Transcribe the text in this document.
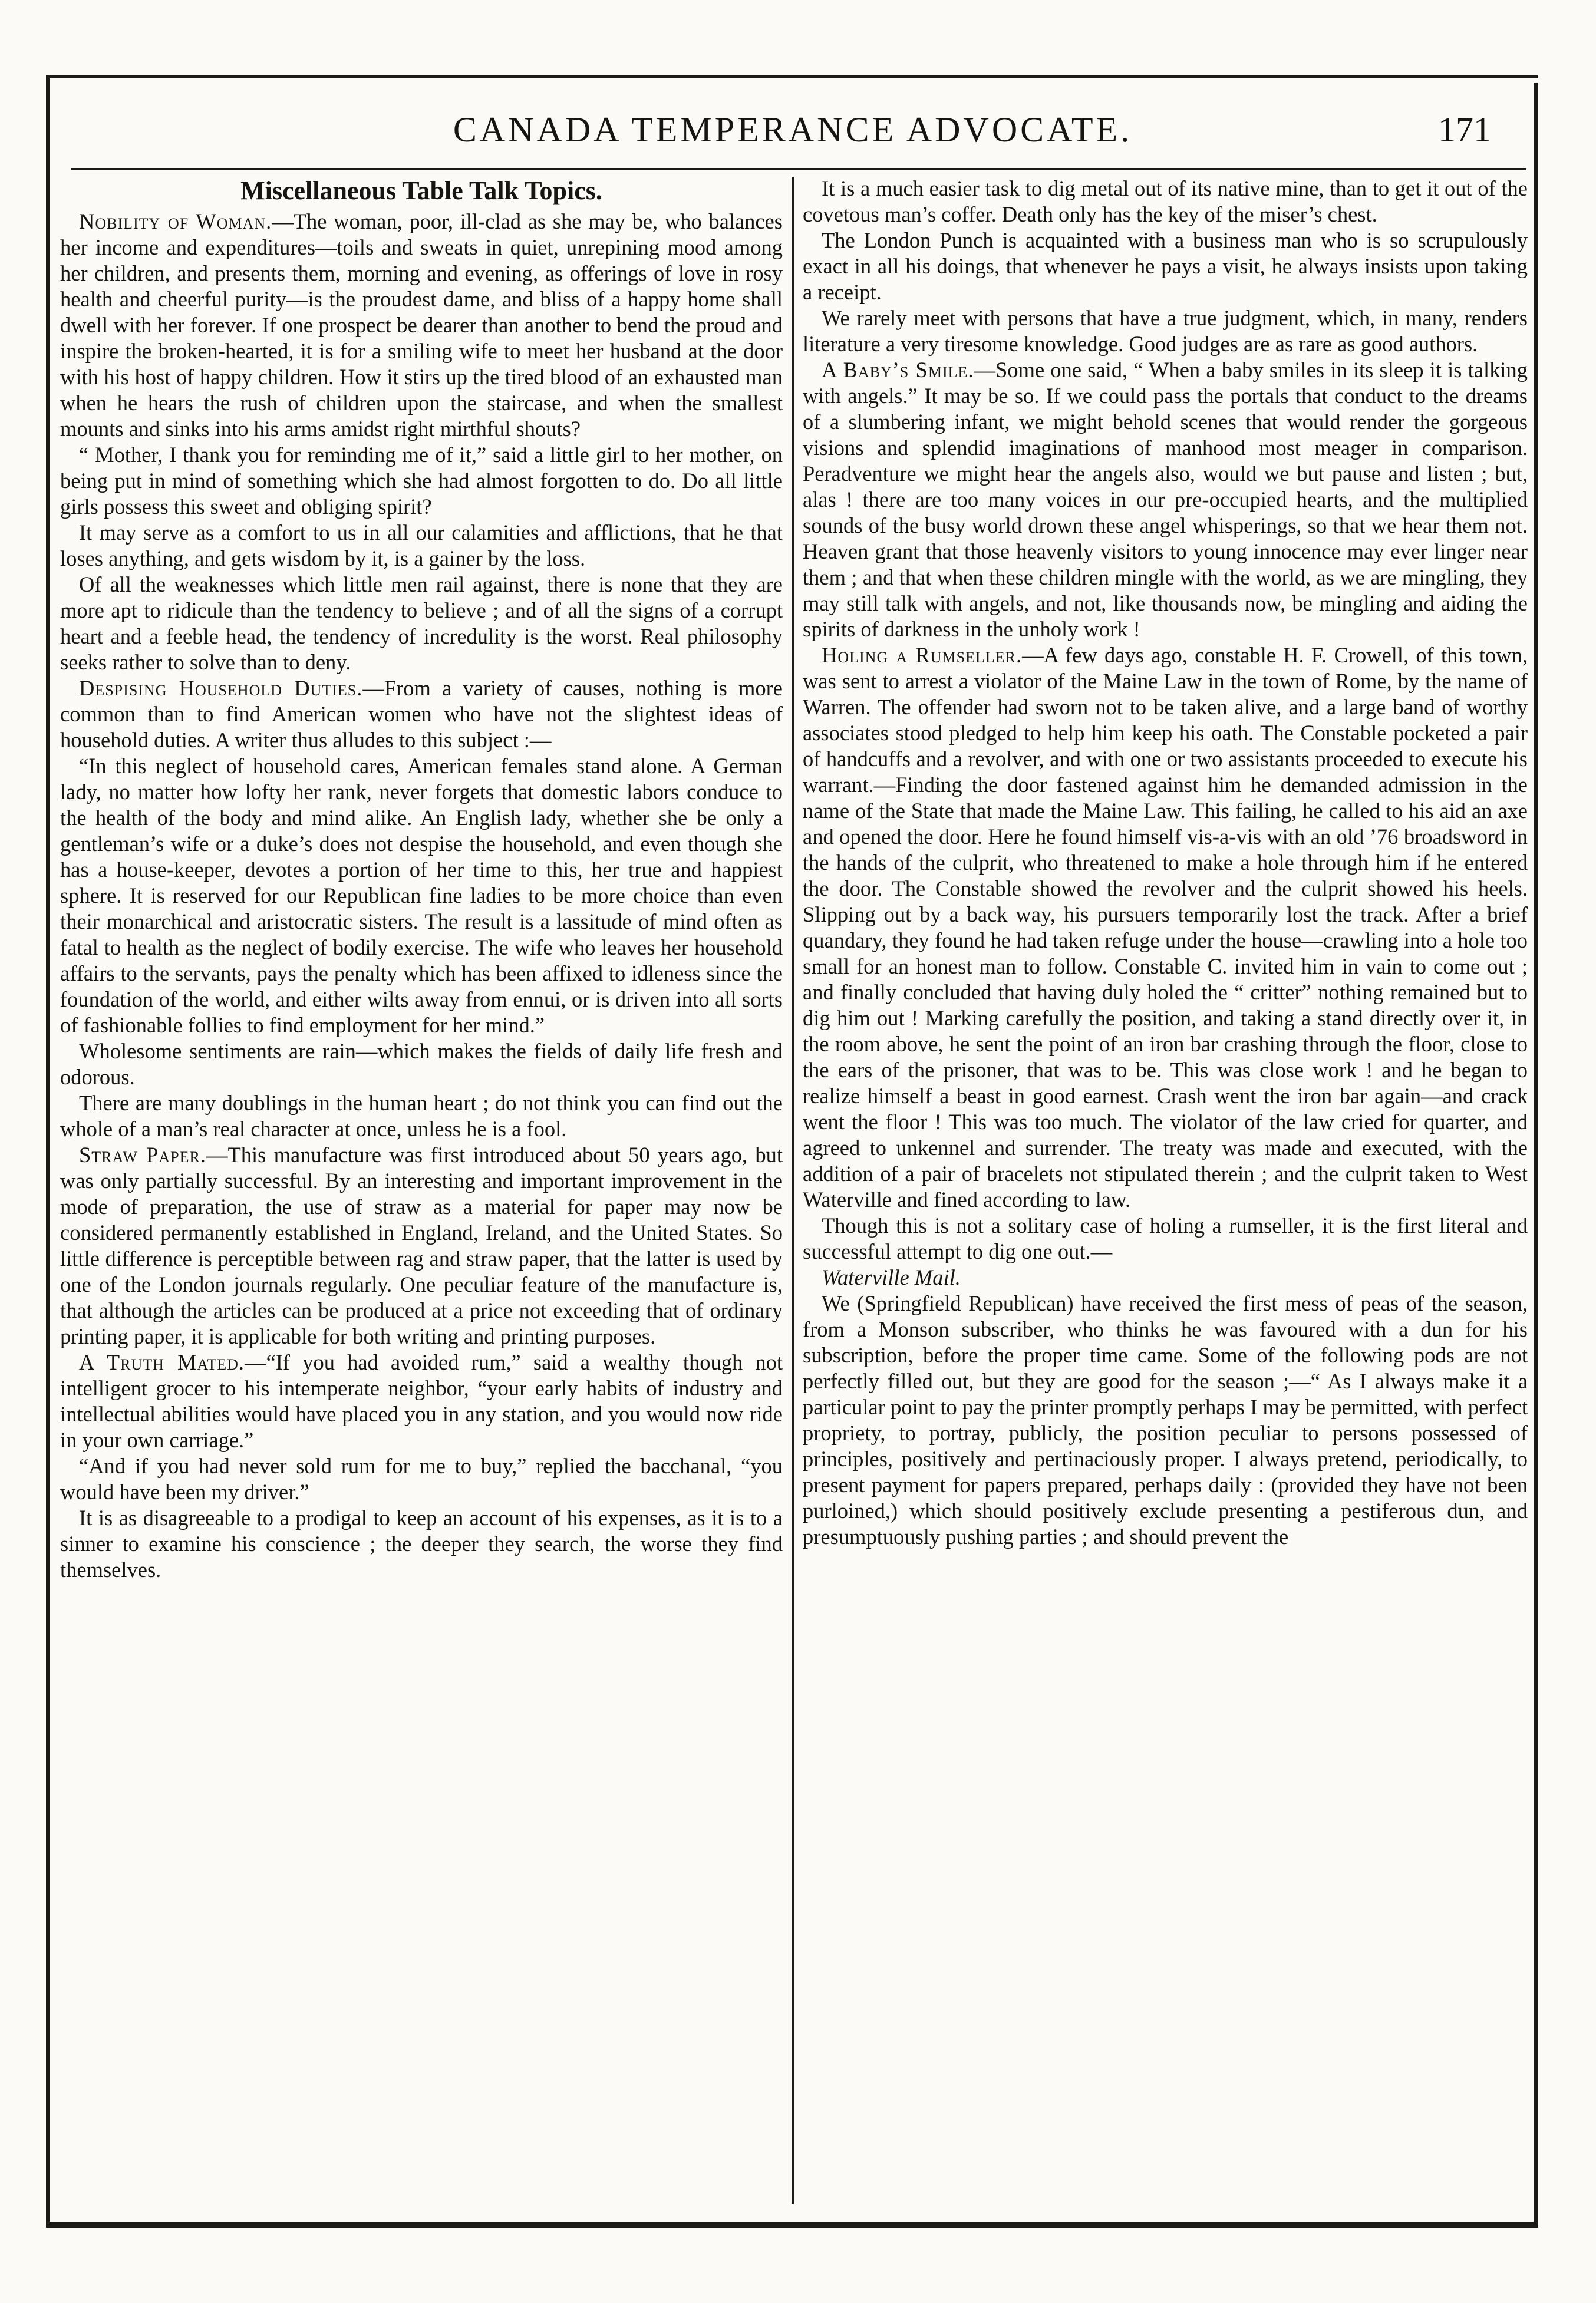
CANADA TEMPERANCE ADVOCATE.	171
Miscellaneous Table Talk Topics.

Nobility of Woman.—The woman, poor, ill-clad as she may be, who balances her income and expenditures—toils and sweats in quiet, unrepining mood among her children, and presents them, morning and evening, as offerings of love in rosy health and cheerful purity—is the proudest dame, and bliss of a happy home shall dwell with her forever. If one prospect be dearer than another to bend the proud and inspire the broken-hearted, it is for a smiling wife to meet her husband at the door with his host of happy children. How it stirs up the tired blood of an exhausted man when he hears the rush of children upon the staircase, and when the smallest mounts and sinks into his arms amidst right mirthful shouts?

“ Mother, I thank you for reminding me of it,” said a little girl to her mother, on being put in mind of something which she had almost forgotten to do. Do all little girls possess this sweet and obliging spirit?

It may serve as a comfort to us in all our calamities and afflictions, that he that loses anything, and gets wisdom by it, is a gainer by the loss.

Of all the weaknesses which little men rail against, there is none that they are more apt to ridicule than the tendency to believe ; and of all the signs of a corrupt heart and a feeble head, the tendency of incredulity is the worst. Real philosophy seeks rather to solve than to deny.

Despising Household Duties.—From a variety of causes, nothing is more common than to find American women who have not the slightest ideas of household duties. A writer thus alludes to this subject :—

“In this neglect of household cares, American females stand alone. A German lady, no matter how lofty her rank, never forgets that domestic labors conduce to the health of the body and mind alike. An English lady, whether she be only a gentleman’s wife or a duke’s does not despise the household, and even though she has a house-keeper, devotes a portion of her time to this, her true and happiest sphere. It is reserved for our Republican fine ladies to be more choice than even their monarchical and aristocratic sisters. The result is a lassitude of mind often as fatal to health as the neglect of bodily exercise. The wife who leaves her household affairs to the servants, pays the penalty which has been affixed to idleness since the foundation of the world, and either wilts away from ennui, or is driven into all sorts of fashionable follies to find employment for her mind.”

Wholesome sentiments are rain—which makes the fields of daily life fresh and odorous.

There are many doublings in the human heart ; do not think you can find out the whole of a man’s real character at once, unless he is a fool.

Straw Paper.—This manufacture was first introduced about 50 years ago, but was only partially successful. By an interesting and important improvement in the mode of preparation, the use of straw as a material for paper may now be considered permanently established in England, Ireland, and the United States. So little difference is perceptible between rag and straw paper, that the latter is used by one of the London journals regularly. One peculiar feature of the manufacture is, that although the articles can be produced at a price not exceeding that of ordinary printing paper, it is applicable for both writing and printing purposes.

A Truth Mated.—“If you had avoided rum,” said a wealthy though not intelligent grocer to his intemperate neighbor, “your early habits of industry and intellectual abilities would have placed you in any station, and you would now ride in your own carriage.”

“And if you had never sold rum for me to buy,” replied the bacchanal, “you would have been my driver.”

It is as disagreeable to a prodigal to keep an account of his expenses, as it is to a sinner to examine his conscience ; the deeper they search, the worse they find themselves.

It is a much easier task to dig metal out of its native mine, than to get it out of the covetous man’s coffer. Death only has the key of the miser’s chest.

The London Punch is acquainted with a business man who is so scrupulously exact in all his doings, that whenever he pays a visit, he always insists upon taking a receipt.

We rarely meet with persons that have a true judgment, which, in many, renders literature a very tiresome knowledge. Good judges are as rare as good authors.

A Baby’s Smile.—Some one said, “ When a baby smiles in its sleep it is talking with angels.” It may be so. If we could pass the portals that conduct to the dreams of a slumbering infant, we might behold scenes that would render the gorgeous visions and splendid imaginations of manhood most meager in comparison. Peradventure we might hear the angels also, would we but pause and listen ; but, alas ! there are too many voices in our pre-occupied hearts, and the multiplied sounds of the busy world drown these angel whisperings, so that we hear them not. Heaven grant that those heavenly visitors to young innocence may ever linger near them ; and that when these children mingle with the world, as we are mingling, they may still talk with angels, and not, like thousands now, be mingling and aiding the spirits of darkness in the unholy work !

Holing a Rumseller.—A few days ago, constable H. F. Crowell, of this town, was sent to arrest a violator of the Maine Law in the town of Rome, by the name of Warren. The offender had sworn not to be taken alive, and a large band of worthy associates stood pledged to help him keep his oath. The Constable pocketed a pair of handcuffs and a revolver, and with one or two assistants proceeded to execute his warrant.—Finding the door fastened against him he demanded admission in the name of the State that made the Maine Law. This failing, he called to his aid an axe and opened the door. Here he found himself vis-a-vis with an old ’76 broadsword in the hands of the culprit, who threatened to make a hole through him if he entered the door. The Constable showed the revolver and the culprit showed his heels. Slipping out by a back way, his pursuers temporarily lost the track. After a brief quandary, they found he had taken refuge under the house—crawling into a hole too small for an honest man to follow. Constable C. invited him in vain to come out ; and finally concluded that having duly holed the “ critter” nothing remained but to dig him out ! Marking carefully the position, and taking a stand directly over it, in the room above, he sent the point of an iron bar crashing through the floor, close to the ears of the prisoner, that was to be. This was close work ! and he began to realize himself a beast in good earnest. Crash went the iron bar again—and crack went the floor ! This was too much. The violator of the law cried for quarter, and agreed to unkennel and surrender. The treaty was made and executed, with the addition of a pair of bracelets not stipulated therein ; and the culprit taken to West Waterville and fined according to law.

Though this is not a solitary case of holing a rumseller, it is the first literal and successful attempt to dig one out.—

Waterville Mail.

We (Springfield Republican) have received the first mess of peas of the season, from a Monson subscriber, who thinks he was favoured with a dun for his subscription, before the proper time came. Some of the following pods are not perfectly filled out, but they are good for the season ;—“ As I always make it a particular point to pay the printer promptly perhaps I may be permitted, with perfect propriety, to portray, publicly, the position peculiar to persons possessed of principles, positively and pertinaciously proper. I always pretend, periodically, to present payment for papers prepared, perhaps daily : (provided they have not been purloined,) which should positively exclude presenting a pestiferous dun, and presumptuously pushing parties ; and should prevent the
